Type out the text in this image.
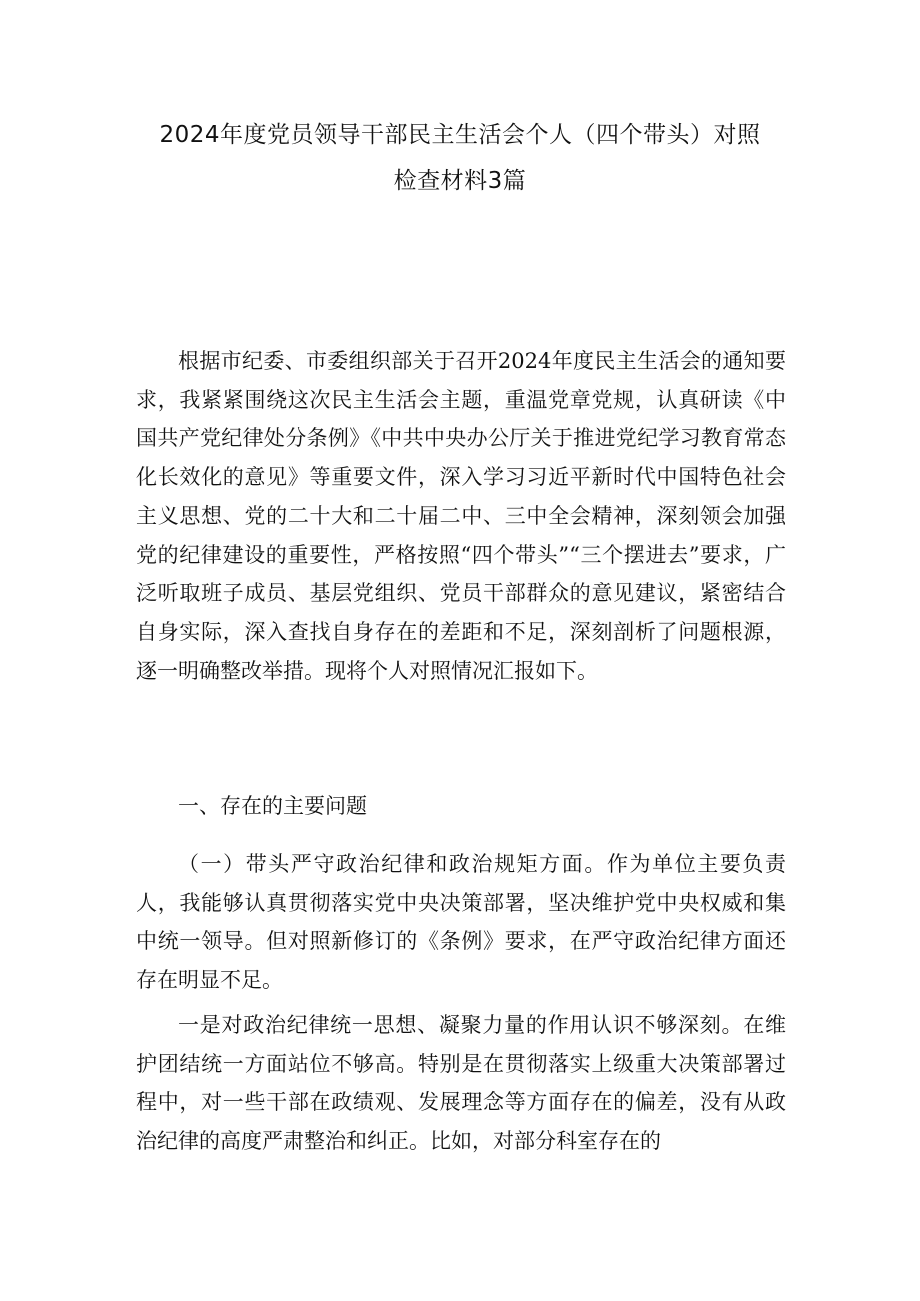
2024年度党员领导干部民主生活会个人（四个带头）对照
检查材料3篇

根据市纪委、市委组织部关于召开2024年度民主生活会的通知要求，我紧紧围绕这次民主生活会主题，重温党章党规，认真研读《中国共产党纪律处分条例》《中共中央办公厅关于推进党纪学习教育常态化长效化的意见》等重要文件，深入学习习近平新时代中国特色社会主义思想、党的二十大和二十届二中、三中全会精神，深刻领会加强党的纪律建设的重要性，严格按照“四个带头”“三个摆进去”要求，广泛听取班子成员、基层党组织、党员干部群众的意见建议，紧密结合自身实际，深入查找自身存在的差距和不足，深刻剖析了问题根源，逐一明确整改举措。现将个人对照情况汇报如下。

一、存在的主要问题

（一）带头严守政治纪律和政治规矩方面。作为单位主要负责人，我能够认真贯彻落实党中央决策部署，坚决维护党中央权威和集中统一领导。但对照新修订的《条例》要求，在严守政治纪律方面还存在明显不足。

一是对政治纪律统一思想、凝聚力量的作用认识不够深刻。在维护团结统一方面站位不够高。特别是在贯彻落实上级重大决策部署过程中，对一些干部在政绩观、发展理念等方面存在的偏差，没有从政治纪律的高度严肃整治和纠正。比如，对部分科室存在的
